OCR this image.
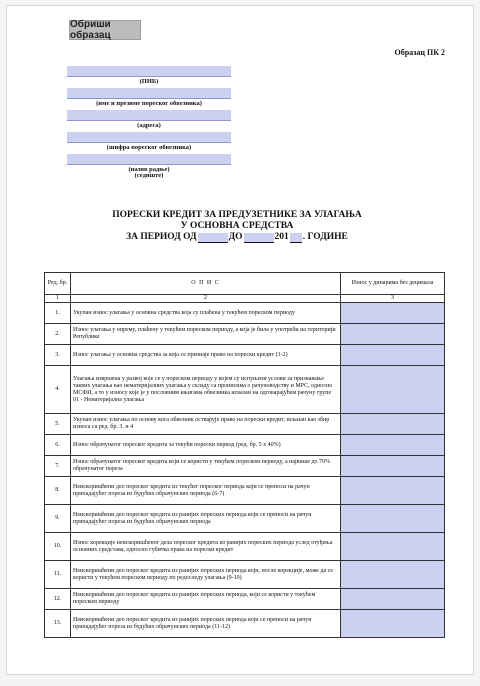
Обриши образац
Образац ПК 2
(ПИБ)
(име и презиме пореског обвезника)
(адреса)
(шифра пореског обвезника)
(назив радње)
(седиште)
ПОРЕСКИ КРЕДИТ ЗА ПРЕДУЗЕТНИКЕ ЗА УЛАГАЊА
У ОСНОВНА СРЕДСТВА
ЗА ПЕРИОД ОД	ДО	201 . ГОДИНЕ
Ред. бр.	О П И С	Износ у динарима без децимала
1	2	3
1.	Укупан износ улагања у основна средства која су плаћена у текућем пореском периоду	
2.	Износ улагања у опрему, плаћену у текућем пореском периоду, а која је била у употреби на територији Републике	
3.	Износ улагања у основна средства за која се признаје право на порески кредит (1-2)	
4.	Улагања извршена у развој које се у пореском периоду у којем су испуњени услови за признавање таквих улагања као нематеријалних улагања у складу са прописима о рачуноводству и МРС, односно МСФИ, а то у износу које је у пословним књигама обвезника исказан на одговарајућем рачуну групе 01 - Нематеријална улагања	
5.	Укупан износ улагања по основу кога обвезник остварује право на порески кредит, исказан као збир износа са ред. бр. 3. и 4	
6.	Износ обрачунатог пореског кредита за текући порески период (ред. бр. 5 x 40%)	
7.	Износ обрачунатог пореског кредита који се користи у текућем пореском периоду, а највише до 70% обрачунатог пореза	
8.	Неискоришћени део пореског кредита из текућег пореског периода који се преноси на рачун припадајућег пореза из будућих обрачунских периода (6-7)	
9.	Неискоришћени део пореског кредита из ранијих пореских периода који се преноси на рачун припадајућег пореза из будућих обрачунских периода	
10.	Износ корекције неискоришћеног дела пореског кредита из ранијих пореских периода услед отуђења основних средстава, односно губитка права на порески кредит	
11.	Неискоришћени део пореског кредита из ранијих пореских периода који, после корекције, може да се користи у текућем пореском периоду по редоследу улагања (9-10)	
12.	Неискоришћени део пореског кредита из ранијих пореских периода, који се користи у текућем пореском периоду	
13.	Неискоришћени део пореског кредита из ранијих пореских периода који се преноси на рачун припадајућег пореза из будућих обрачунских периода (11-12)	
